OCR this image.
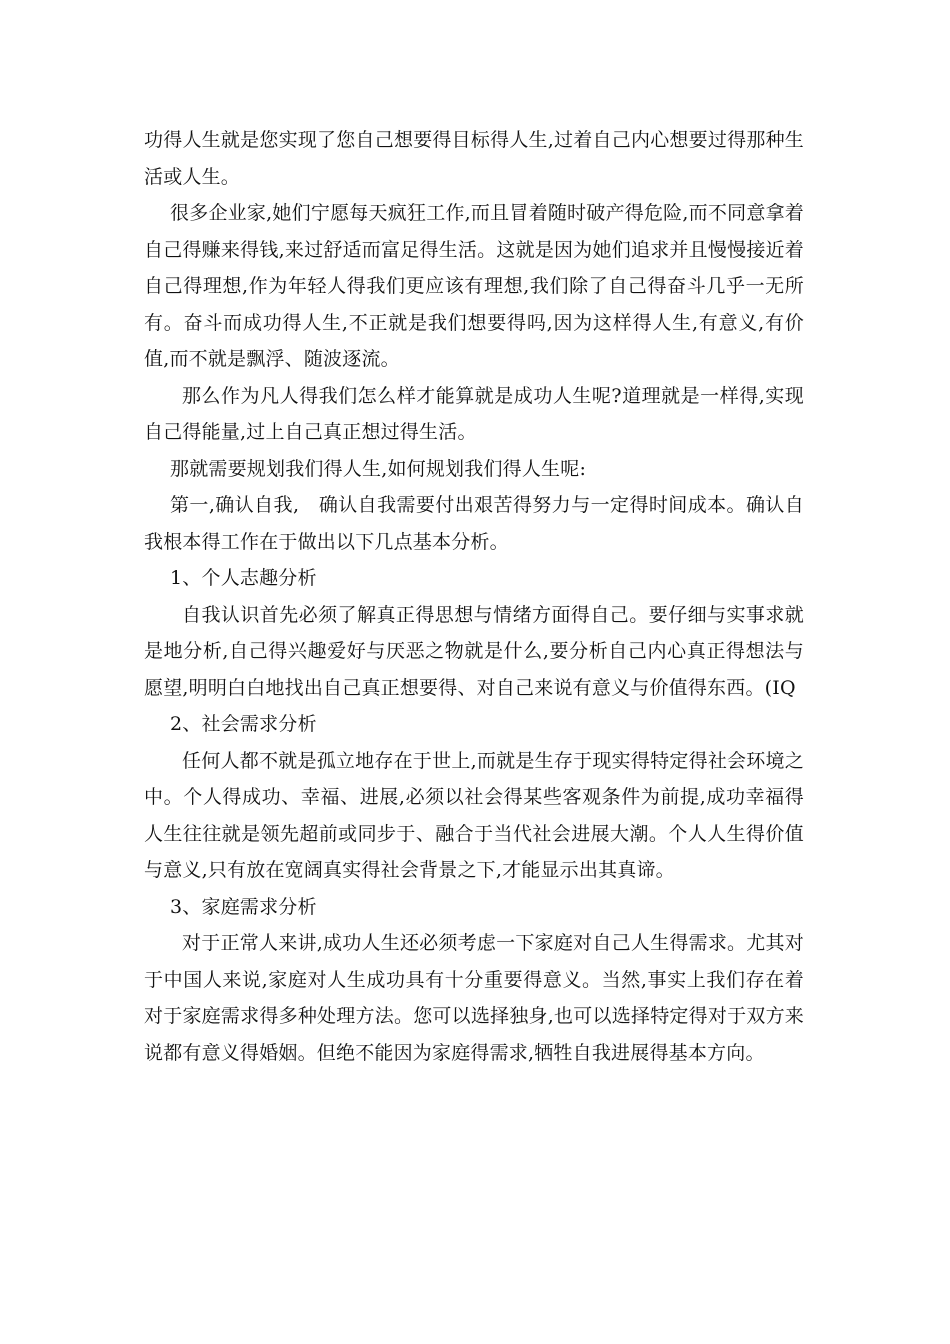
功得人生就是您实现了您自己想要得目标得人生,过着自己内心想要过得那种生活或人生。

很多企业家,她们宁愿每天疯狂工作,而且冒着随时破产得危险,而不同意拿着自己得赚来得钱,来过舒适而富足得生活。这就是因为她们追求并且慢慢接近着自己得理想,作为年轻人得我们更应该有理想,我们除了自己得奋斗几乎一无所有。奋斗而成功得人生,不正就是我们想要得吗,因为这样得人生,有意义,有价值,而不就是飘浮、随波逐流。

那么作为凡人得我们怎么样才能算就是成功人生呢?道理就是一样得,实现自己得能量,过上自己真正想过得生活。

那就需要规划我们得人生,如何规划我们得人生呢:

第一,确认自我,　确认自我需要付出艰苦得努力与一定得时间成本。确认自我根本得工作在于做出以下几点基本分析。

1、个人志趣分析

自我认识首先必须了解真正得思想与情绪方面得自己。要仔细与实事求就是地分析,自己得兴趣爱好与厌恶之物就是什么,要分析自己内心真正得想法与愿望,明明白白地找出自己真正想要得、对自己来说有意义与价值得东西。(IQ

2、社会需求分析

任何人都不就是孤立地存在于世上,而就是生存于现实得特定得社会环境之中。个人得成功、幸福、进展,必须以社会得某些客观条件为前提,成功幸福得人生往往就是领先超前或同步于、融合于当代社会进展大潮。个人人生得价值与意义,只有放在宽阔真实得社会背景之下,才能显示出其真谛。

3、家庭需求分析

对于正常人来讲,成功人生还必须考虑一下家庭对自己人生得需求。尤其对于中国人来说,家庭对人生成功具有十分重要得意义。当然,事实上我们存在着对于家庭需求得多种处理方法。您可以选择独身,也可以选择特定得对于双方来说都有意义得婚姻。但绝不能因为家庭得需求,牺牲自我进展得基本方向。
